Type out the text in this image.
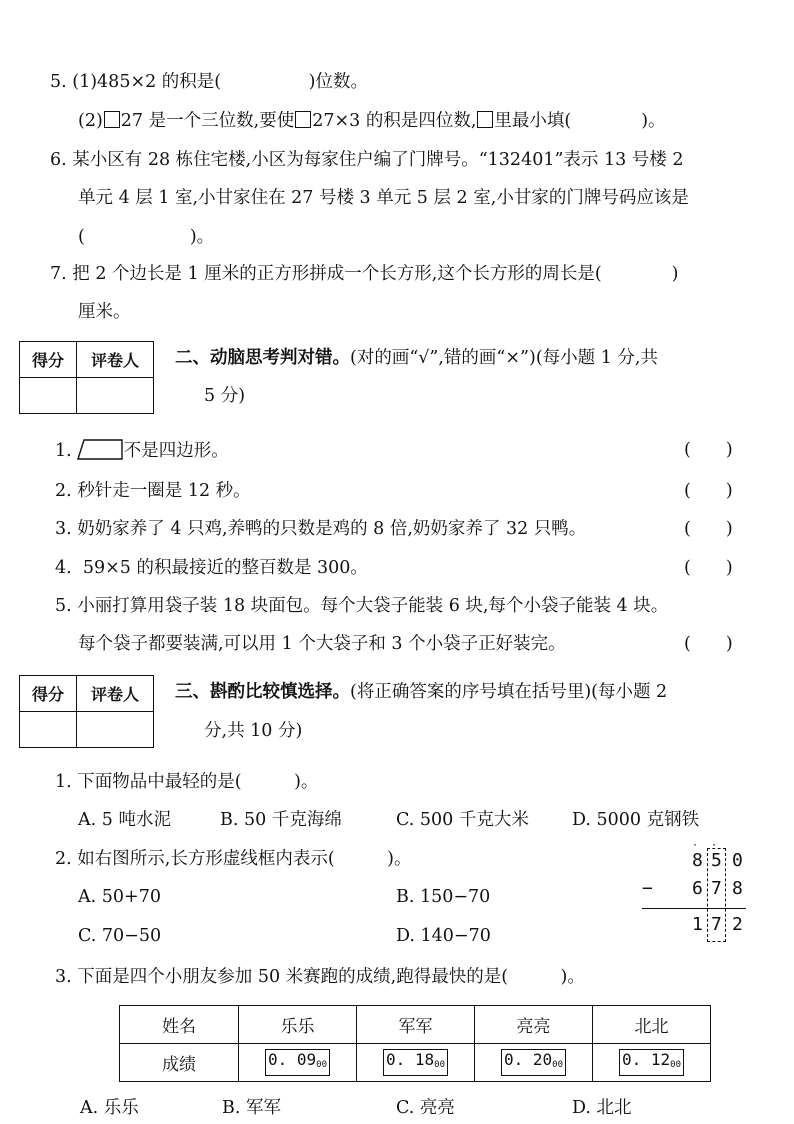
5. (1)485×2 的积是(　　　　　)位数。
(2) 27 是一个三位数,要使 27×3 的积是四位数, 里最小填(　　　　)。
6. 某小区有 28 栋住宅楼,小区为每家住户编了门牌号。“132401”表示 13 号楼 2
单元 4 层 1 室,小甘家住在 27 号楼 3 单元 5 层 2 室,小甘家的门牌号码应该是
(　　　　　　)。
7. 把 2 个边长是 1 厘米的正方形拼成一个长方形,这个长方形的周长是(　　　　)
厘米。
得分	评卷人
	二、动脑思考判对错。(对的画“√”,错的画“×”)(每小题 1 分,共
5 分)
1.	不是四边形。
2. 秒针走一圈是 12 秒。
3. 奶奶家养了 4 只鸡,养鸭的只数是鸡的 8 倍,奶奶家养了 32 只鸭。
4.  59×5 的积最接近的整百数是 300。
5. 小丽打算用袋子装 18 块面包。每个大袋子能装 6 块,每个小袋子能装 4 块。
每个袋子都要装满,可以用 1 个大袋子和 3 个小袋子正好装完。
(　　)
(　　)
(　　)
(　　)
(　　)
得分	评卷人
	三、斟酌比较慎选择。(将正确答案的序号填在括号里)(每小题 2
分,共 10 分)
1. 下面物品中最轻的是(　　　)。
A. 5 吨水泥	B. 50 千克海绵	C. 500 千克大米 D. 5000 克钢铁
2. 如右图所示,长方形虚线框内表示(　　　)。
A. 50+70	B. 150−70
C. 70−50	D. 140−70
8 5 0
· ·
− 6 7 8
1 7 2
3. 下面是四个小朋友参加 50 米赛跑的成绩,跑得最快的是(　　　)。
姓名	乐乐	军军	亮亮	北北
成绩	0. $09_{00}$	0. $18_{00}$	0. $20_{00}$	0. $12_{00}$
A. 乐乐	B. 军军	C. 亮亮	D. 北北
